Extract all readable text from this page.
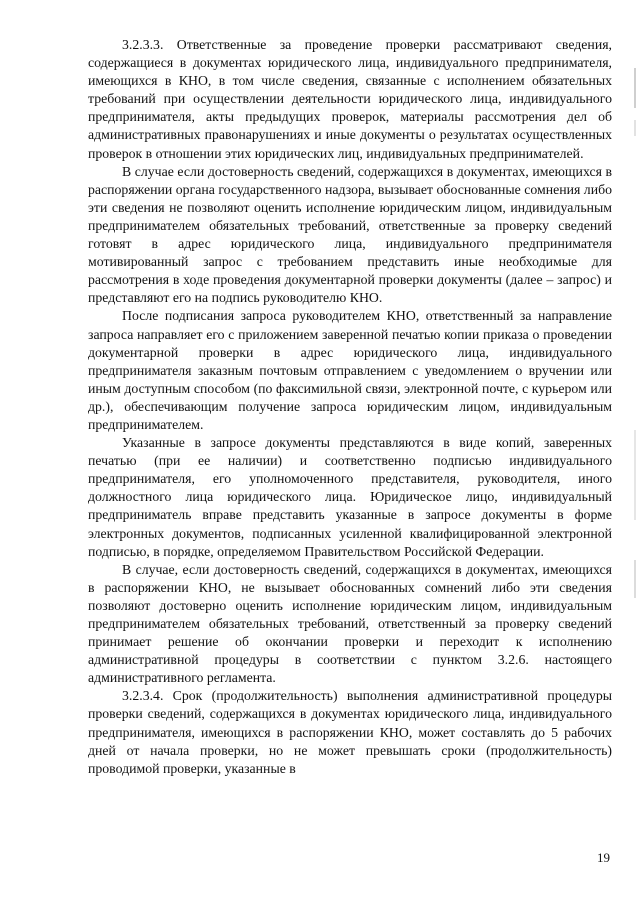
3.2.3.3. Ответственные за проведение проверки рассматривают сведения, содержащиеся в документах юридического лица, индивидуального предпринимателя, имеющихся в КНО, в том числе сведения, связанные с исполнением обязательных требований при осуществлении деятельности юридического лица, индивидуального предпринимателя, акты предыдущих проверок, материалы рассмотрения дел об административных правонарушениях и иные документы о результатах осуществленных проверок в отношении этих юридических лиц, индивидуальных предпринимателей.

В случае если достоверность сведений, содержащихся в документах, имеющихся в распоряжении органа государственного надзора, вызывает обоснованные сомнения либо эти сведения не позволяют оценить исполнение юридическим лицом, индивидуальным предпринимателем обязательных требований, ответственные за проверку сведений готовят в адрес юридического лица, индивидуального предпринимателя мотивированный запрос с требованием представить иные необходимые для рассмотрения в ходе проведения документарной проверки документы (далее – запрос) и представляют его на подпись руководителю КНО.

После подписания запроса руководителем КНО, ответственный за направление запроса направляет его с приложением заверенной печатью копии приказа о проведении документарной проверки в адрес юридического лица, индивидуального предпринимателя заказным почтовым отправлением с уведомлением о вручении или иным доступным способом (по факсимильной связи, электронной почте, с курьером или др.), обеспечивающим получение запроса юридическим лицом, индивидуальным предпринимателем.

Указанные в запросе документы представляются в виде копий, заверенных печатью (при ее наличии) и соответственно подписью индивидуального предпринимателя, его уполномоченного представителя, руководителя, иного должностного лица юридического лица. Юридическое лицо, индивидуальный предприниматель вправе представить указанные в запросе документы в форме электронных документов, подписанных усиленной квалифицированной электронной подписью, в порядке, определяемом Правительством Российской Федерации.

В случае, если достоверность сведений, содержащихся в документах, имеющихся в распоряжении КНО, не вызывает обоснованных сомнений либо эти сведения позволяют достоверно оценить исполнение юридическим лицом, индивидуальным предпринимателем обязательных требований, ответственный за проверку сведений принимает решение об окончании проверки и переходит к исполнению административной процедуры в соответствии с пунктом 3.2.6. настоящего административного регламента.

3.2.3.4. Срок (продолжительность) выполнения административной процедуры проверки сведений, содержащихся в документах юридического лица, индивидуального предпринимателя, имеющихся в распоряжении КНО, может составлять до 5 рабочих дней от начала проверки, но не может превышать сроки (продолжительность) проводимой проверки, указанные в

19
